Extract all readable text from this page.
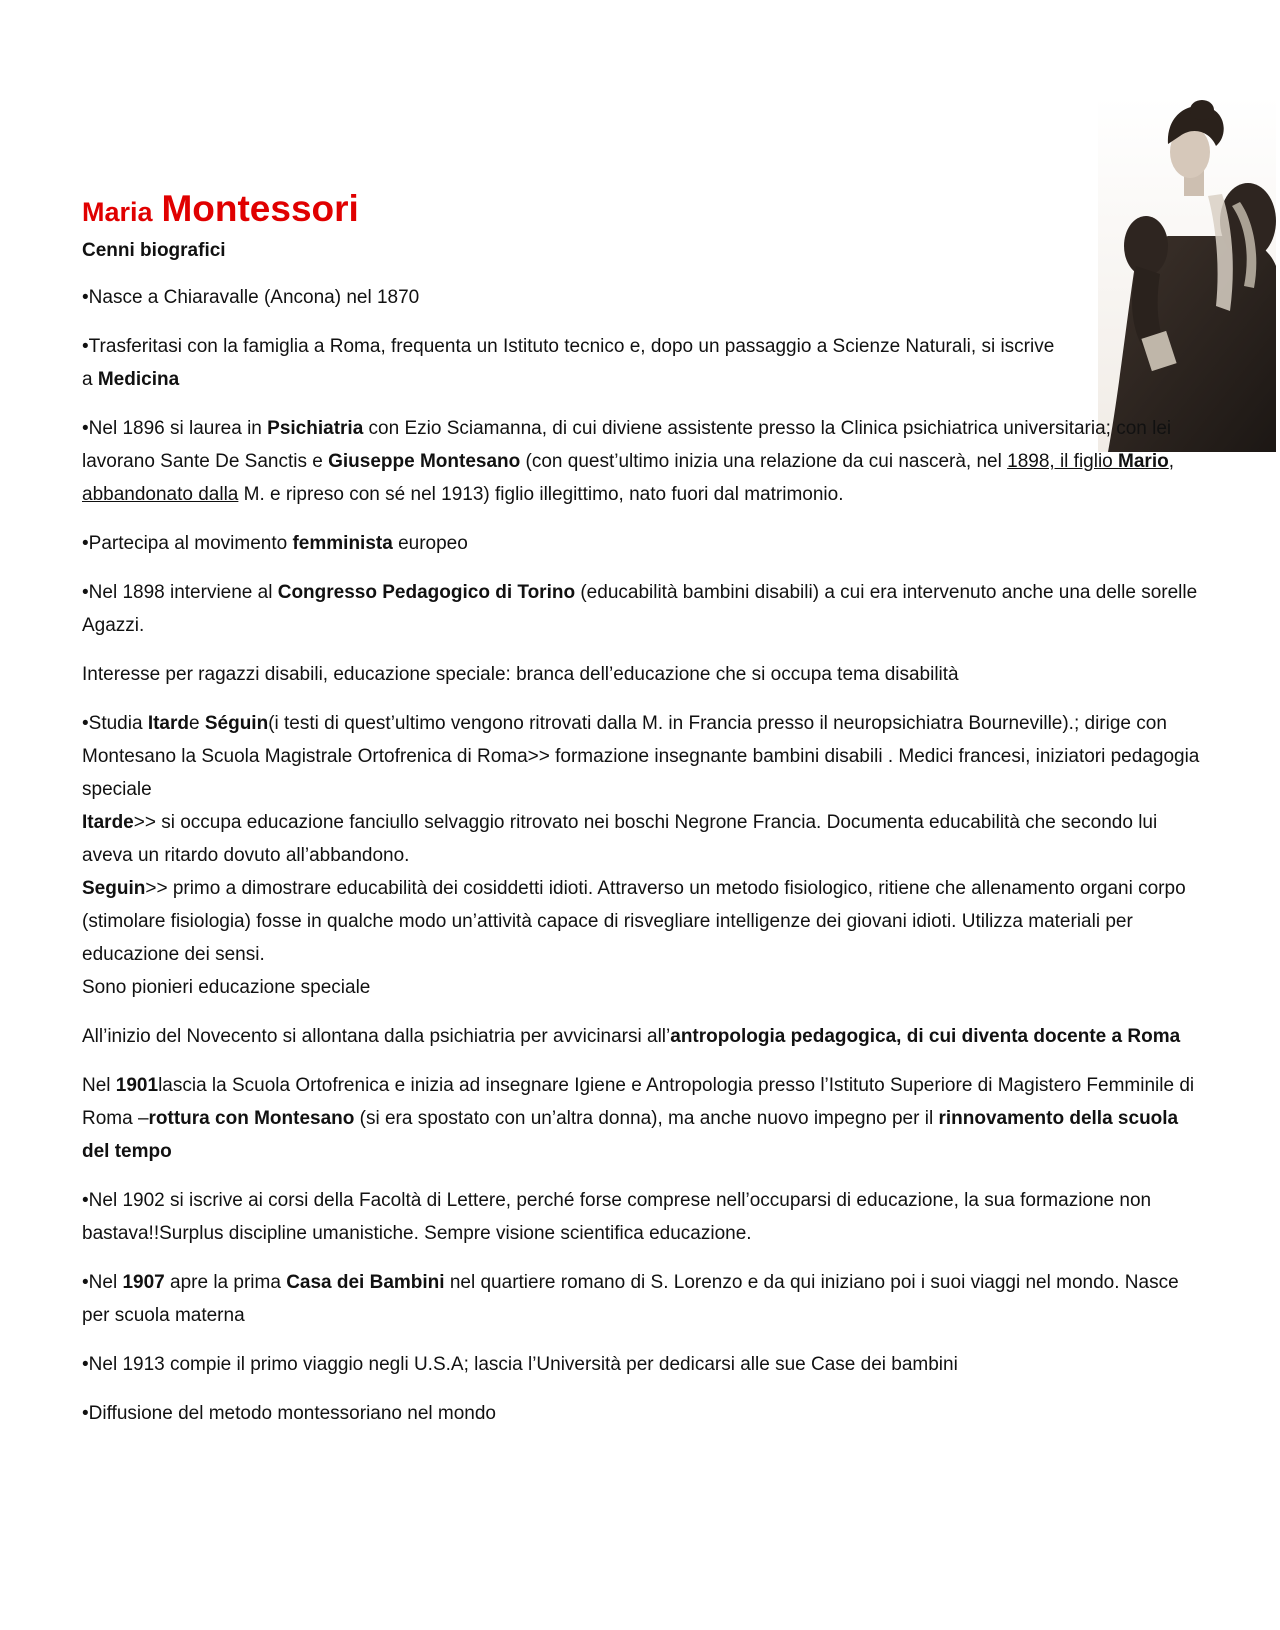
Maria Montessori
Cenni biografici

•Nasce a Chiaravalle (Ancona) nel 1870

•Trasferitasi con la famiglia a Roma, frequenta un Istituto tecnico e, dopo un passaggio a Scienze Naturali, si iscrive a Medicina

•Nel 1896 si laurea in Psichiatria con Ezio Sciamanna, di cui diviene assistente presso la Clinica psichiatrica universitaria; con lei lavorano Sante De Sanctis e Giuseppe Montesano (con quest’ultimo inizia una relazione da cui nascerà, nel 1898, il figlio Mario, abbandonato dalla M. e ripreso con sé nel 1913) figlio illegittimo, nato fuori dal matrimonio.

•Partecipa al movimento femminista europeo

•Nel 1898 interviene al Congresso Pedagogico di Torino (educabilità bambini disabili) a cui era intervenuto anche una delle sorelle Agazzi.

Interesse per ragazzi disabili, educazione speciale: branca dell’educazione che si occupa tema disabilità

•Studia Itarde Séguin(i testi di quest’ultimo vengono ritrovati dalla M. in Francia presso il neuropsichiatra Bourneville).; dirige con Montesano la Scuola Magistrale Ortofrenica di Roma>> formazione insegnante bambini disabili . Medici francesi, iniziatori pedagogia speciale
Itarde>> si occupa educazione fanciullo selvaggio ritrovato nei boschi Negrone Francia. Documenta educabilità che secondo lui aveva un ritardo dovuto all’abbandono.
Seguin>> primo a dimostrare educabilità dei cosiddetti idioti. Attraverso un metodo fisiologico, ritiene che allenamento organi corpo (stimolare fisiologia) fosse in qualche modo un’attività capace di risvegliare intelligenze dei giovani idioti. Utilizza materiali per educazione dei sensi.
Sono pionieri educazione speciale

All’inizio del Novecento si allontana dalla psichiatria per avvicinarsi all’antropologia pedagogica, di cui diventa docente a Roma

Nel 1901lascia la Scuola Ortofrenica e inizia ad insegnare Igiene e Antropologia presso l’Istituto Superiore di Magistero Femminile di Roma –rottura con Montesano (si era spostato con un’altra donna), ma anche nuovo impegno per il rinnovamento della scuola del tempo

•Nel 1902 si iscrive ai corsi della Facoltà di Lettere, perché forse comprese nell’occuparsi di educazione, la sua formazione non bastava!!Surplus discipline umanistiche. Sempre visione scientifica educazione.

•Nel 1907 apre la prima Casa dei Bambini nel quartiere romano di S. Lorenzo e da qui iniziano poi i suoi viaggi nel mondo. Nasce per scuola materna

•Nel 1913 compie il primo viaggio negli U.S.A; lascia l’Università per dedicarsi alle sue Case dei bambini

•Diffusione del metodo montessoriano nel mondo
